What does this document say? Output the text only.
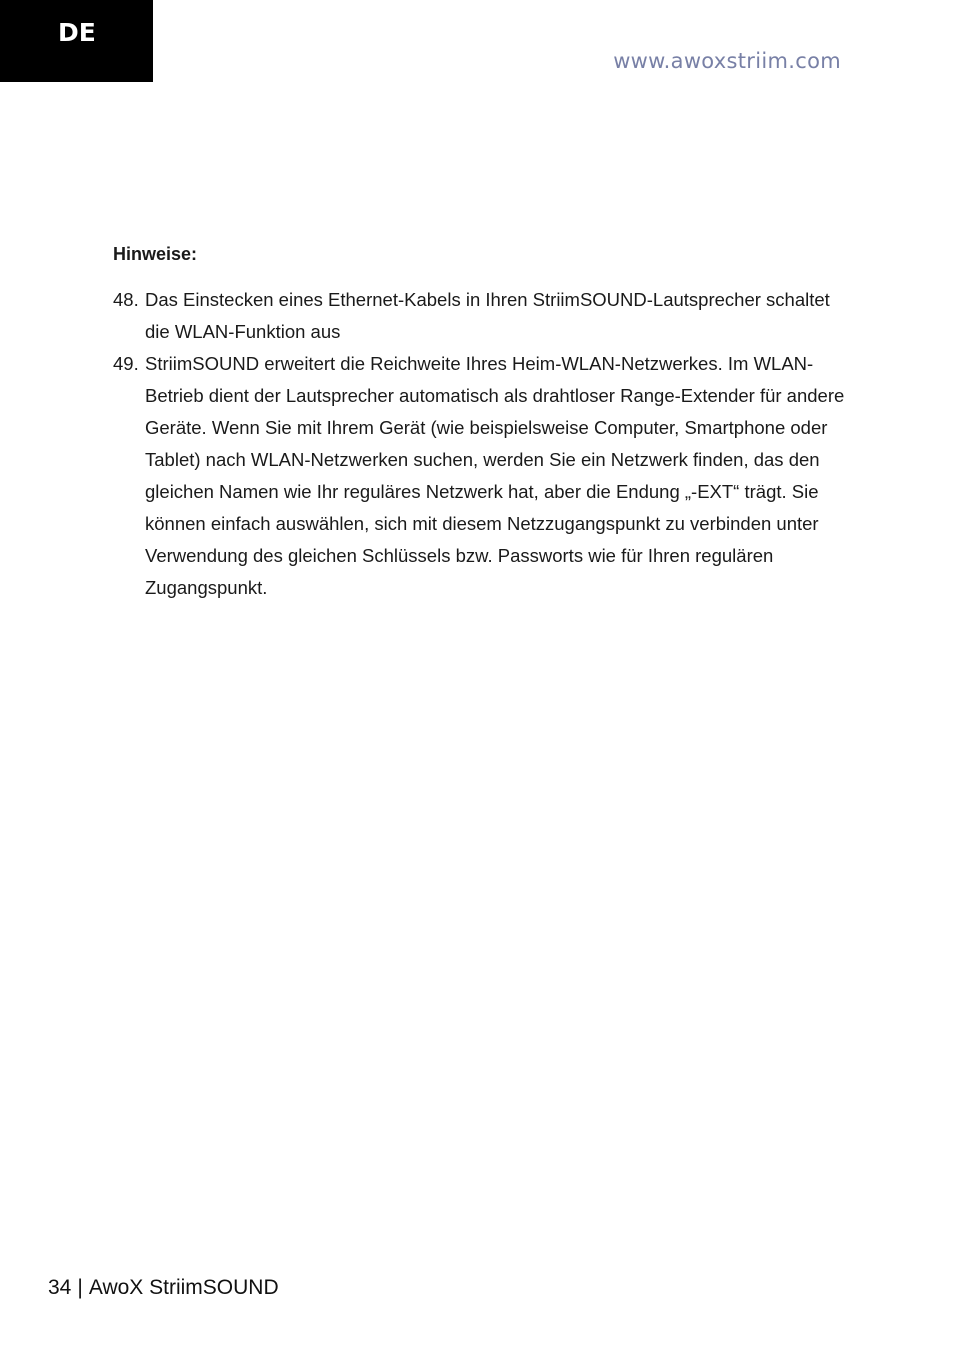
DE
www.awoxstriim.com
Hinweise:
48. Das Einstecken eines Ethernet-Kabels in Ihren StriimSOUND-Lautsprecher schaltet die WLAN-Funktion aus
49. StriimSOUND erweitert die Reichweite Ihres Heim-WLAN-Netzwerkes. Im WLAN-Betrieb dient der Lautsprecher automatisch als drahtloser Range-Extender für andere Geräte. Wenn Sie mit Ihrem Gerät (wie beispielsweise Computer, Smartphone oder Tablet) nach WLAN-Netzwerken suchen, werden Sie ein Netzwerk finden, das den gleichen Namen wie Ihr reguläres Netzwerk hat, aber die Endung „-EXT“ trägt. Sie können einfach auswählen, sich mit diesem Netzzugangspunkt zu verbinden unter Verwendung des gleichen Schlüssels bzw. Passworts wie für Ihren regulären Zugangspunkt.
34 | AwoX StriimSOUND
